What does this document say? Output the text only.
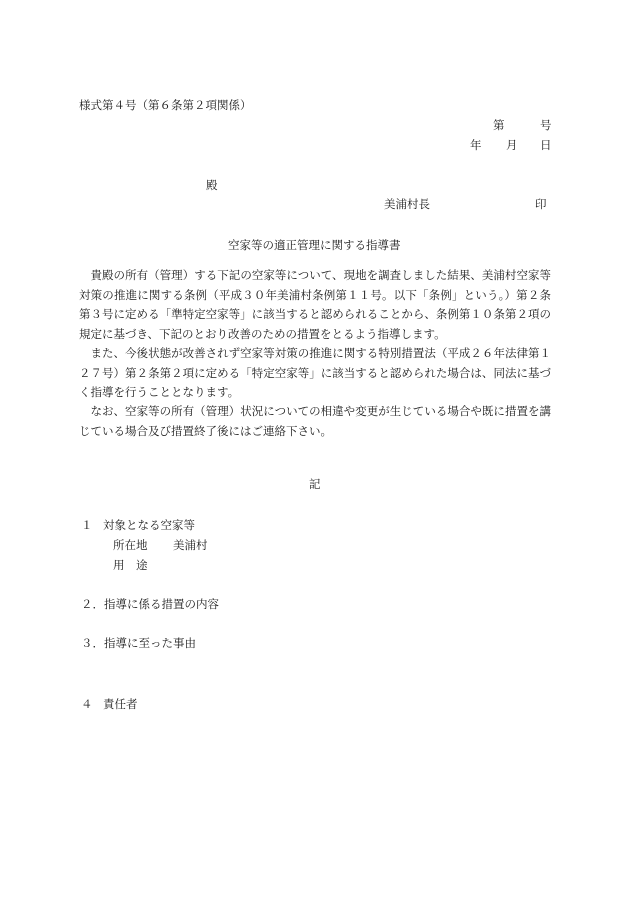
様式第４号（第６条第２項関係）
第	号
年 月 日
殿
美浦村長	印
空家等の適正管理に関する指導書
貴殿の所有（管理）する下記の空家等について、現地を調査しました結果、美浦村空家等対策の推進に関する条例（平成３０年美浦村条例第１１号。以下「条例」という。）第２条第３号に定める「準特定空家等」に該当すると認められることから、条例第１０条第２項の規定に基づき、下記のとおり改善のための措置をとるよう指導します。
また、今後状態が改善されず空家等対策の推進に関する特別措置法（平成２６年法律第１２７号）第２条第２項に定める「特定空家等」に該当すると認められた場合は、同法に基づく指導を行うこととなります。
なお、空家等の所有（管理）状況についての相違や変更が生じている場合や既に措置を講じている場合及び措置終了後にはご連絡下さい。
記
１ 対象となる空家等
所在地 美浦村
用　途
２．指導に係る措置の内容
３．指導に至った事由
４ 責任者
